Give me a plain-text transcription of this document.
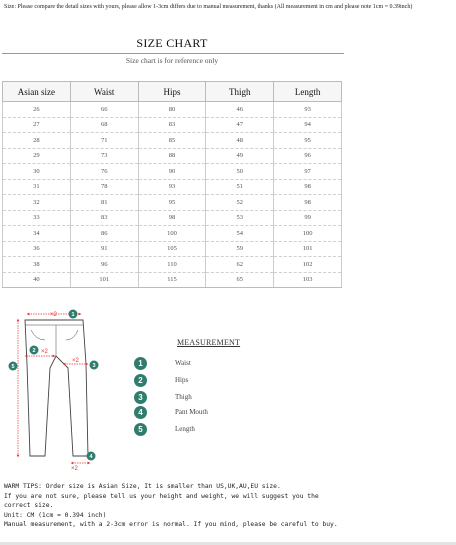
Size: Please compare the detail sizes with yours, please allow 1-3cm differs due to manual measurement, thanks (All measurement in cm and please note 1cm = 0.39inch)
SIZE CHART
Size chart is for reference only
Asian size	Waist	Hips	Thigh	Length
26	66	80	46	93
27	68	83	47	94
28	71	85	48	95
29	73	88	49	96
30	76	90	50	97
31	78	93	51	98
32	81	95	52	98
33	83	98	53	99
34	86	100	54	100
36	91	105	59	101
38	96	110	62	102
40	101	115	65	103
×2
×2
×2
×2
1
2
3
4
5
MEASUREMENT
1	Waist
2	Hips
3	Thigh
4	Pant Mouth
5	Length
WARM TIPS: Order size is Asian Size, It is smaller than US,UK,AU,EU size.
If you are not sure, please tell us your height and weight, we will suggest you the correct size.
Unit: CM (1cm = 0.394 inch)
Manual measurement, with a 2-3cm error is normal. If you mind, please be careful to buy.
